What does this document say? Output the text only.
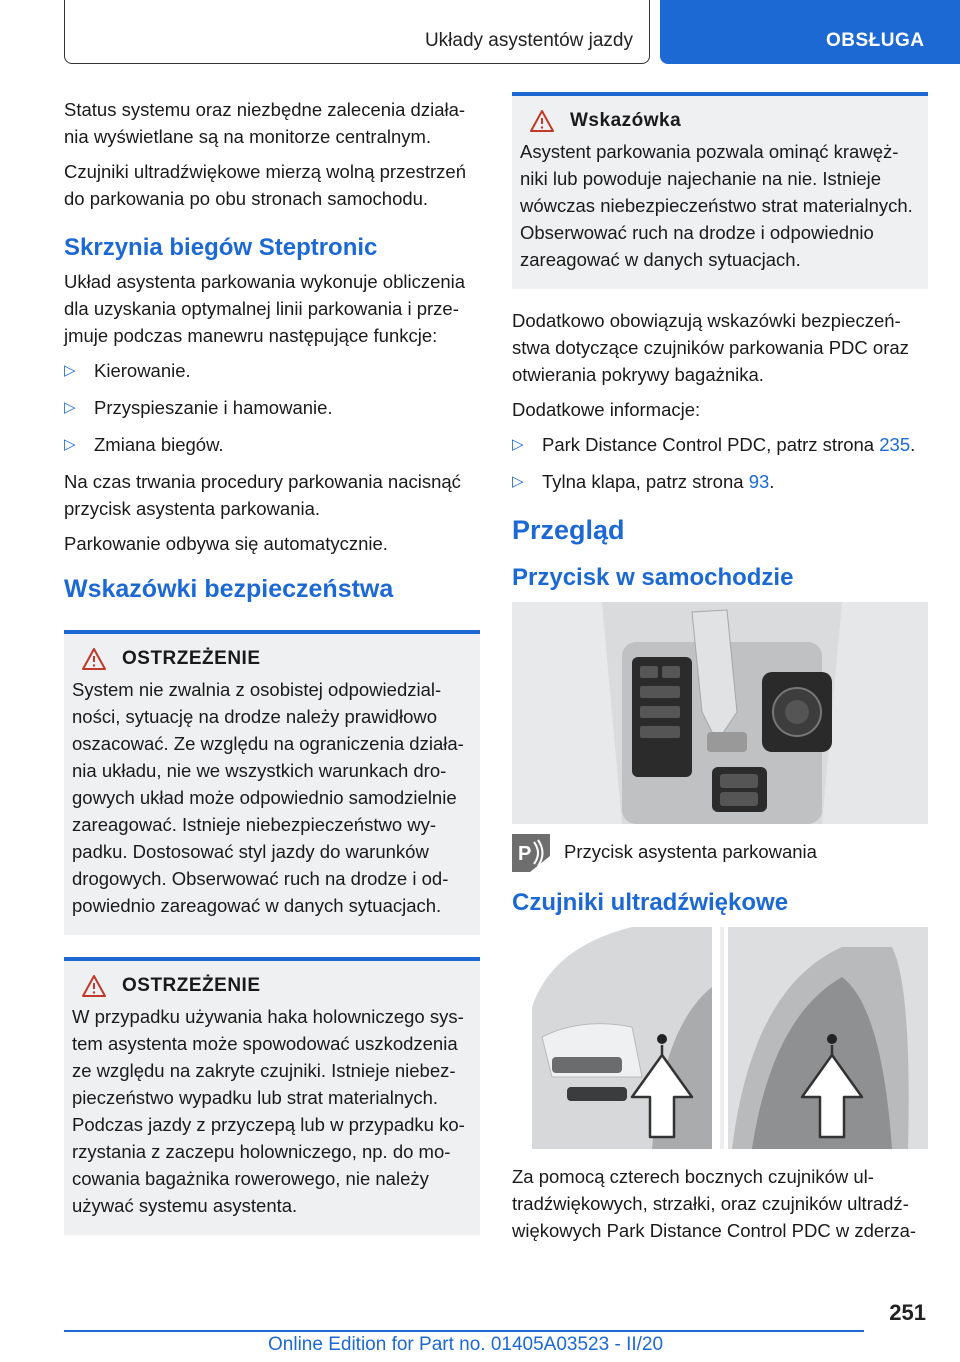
Układy asystentów jazdy	OBSŁUGA

Status systemu oraz niezbędne zalecenia działania wyświetlane są na monitorze centralnym.

Czujniki ultradźwiękowe mierzą wolną przestrzeń do parkowania po obu stronach samochodu.

Skrzynia biegów Steptronic

Układ asystenta parkowania wykonuje obliczenia dla uzyskania optymalnej linii parkowania i przejmuje podczas manewru następujące funkcje:

▷ Kierowanie.
▷ Przyspieszanie i hamowanie.
▷ Zmiana biegów.

Na czas trwania procedury parkowania nacisnąć przycisk asystenta parkowania.

Parkowanie odbywa się automatycznie.

Wskazówki bezpieczeństwa
OSTRZEŻENIE

System nie zwalnia z osobistej odpowiedzialności, sytuację na drodze należy prawidłowo oszacować. Ze względu na ograniczenia działania układu, nie we wszystkich warunkach drogowych układ może odpowiednio samodzielnie zareagować. Istnieje niebezpieczeństwo wypadku. Dostosować styl jazdy do warunków drogowych. Obserwować ruch na drodze i odpowiednio zareagować w danych sytuacjach.

OSTRZEŻENIE

W przypadku używania haka holowniczego system asystenta może spowodować uszkodzenia ze względu na zakryte czujniki. Istnieje niebezpieczeństwo wypadku lub strat materialnych. Podczas jazdy z przyczepą lub w przypadku korzystania z zaczepu holowniczego, np. do mocowania bagażnika rowerowego, nie należy używać systemu asystenta.

Wskazówka

Asystent parkowania pozwala ominąć krawężniki lub powoduje najechanie na nie. Istnieje wówczas niebezpieczeństwo strat materialnych. Obserwować ruch na drodze i odpowiednio zareagować w danych sytuacjach.

Dodatkowo obowiązują wskazówki bezpieczeństwa dotyczące czujników parkowania PDC oraz otwierania pokrywy bagażnika.

Dodatkowe informacje:

▷ Park Distance Control PDC, patrz strona 235.
▷ Tylna klapa, patrz strona 93.
Przegląd
Przycisk w samochodzie
P Przycisk asystenta parkowania

Czujniki ultradźwiękowe

Za pomocą czterech bocznych czujników ultradźwiękowych, strzałki, oraz czujników ultradźwiękowych Park Distance Control PDC w zderza-

251
Online Edition for Part no. 01405A03523 - II/20
